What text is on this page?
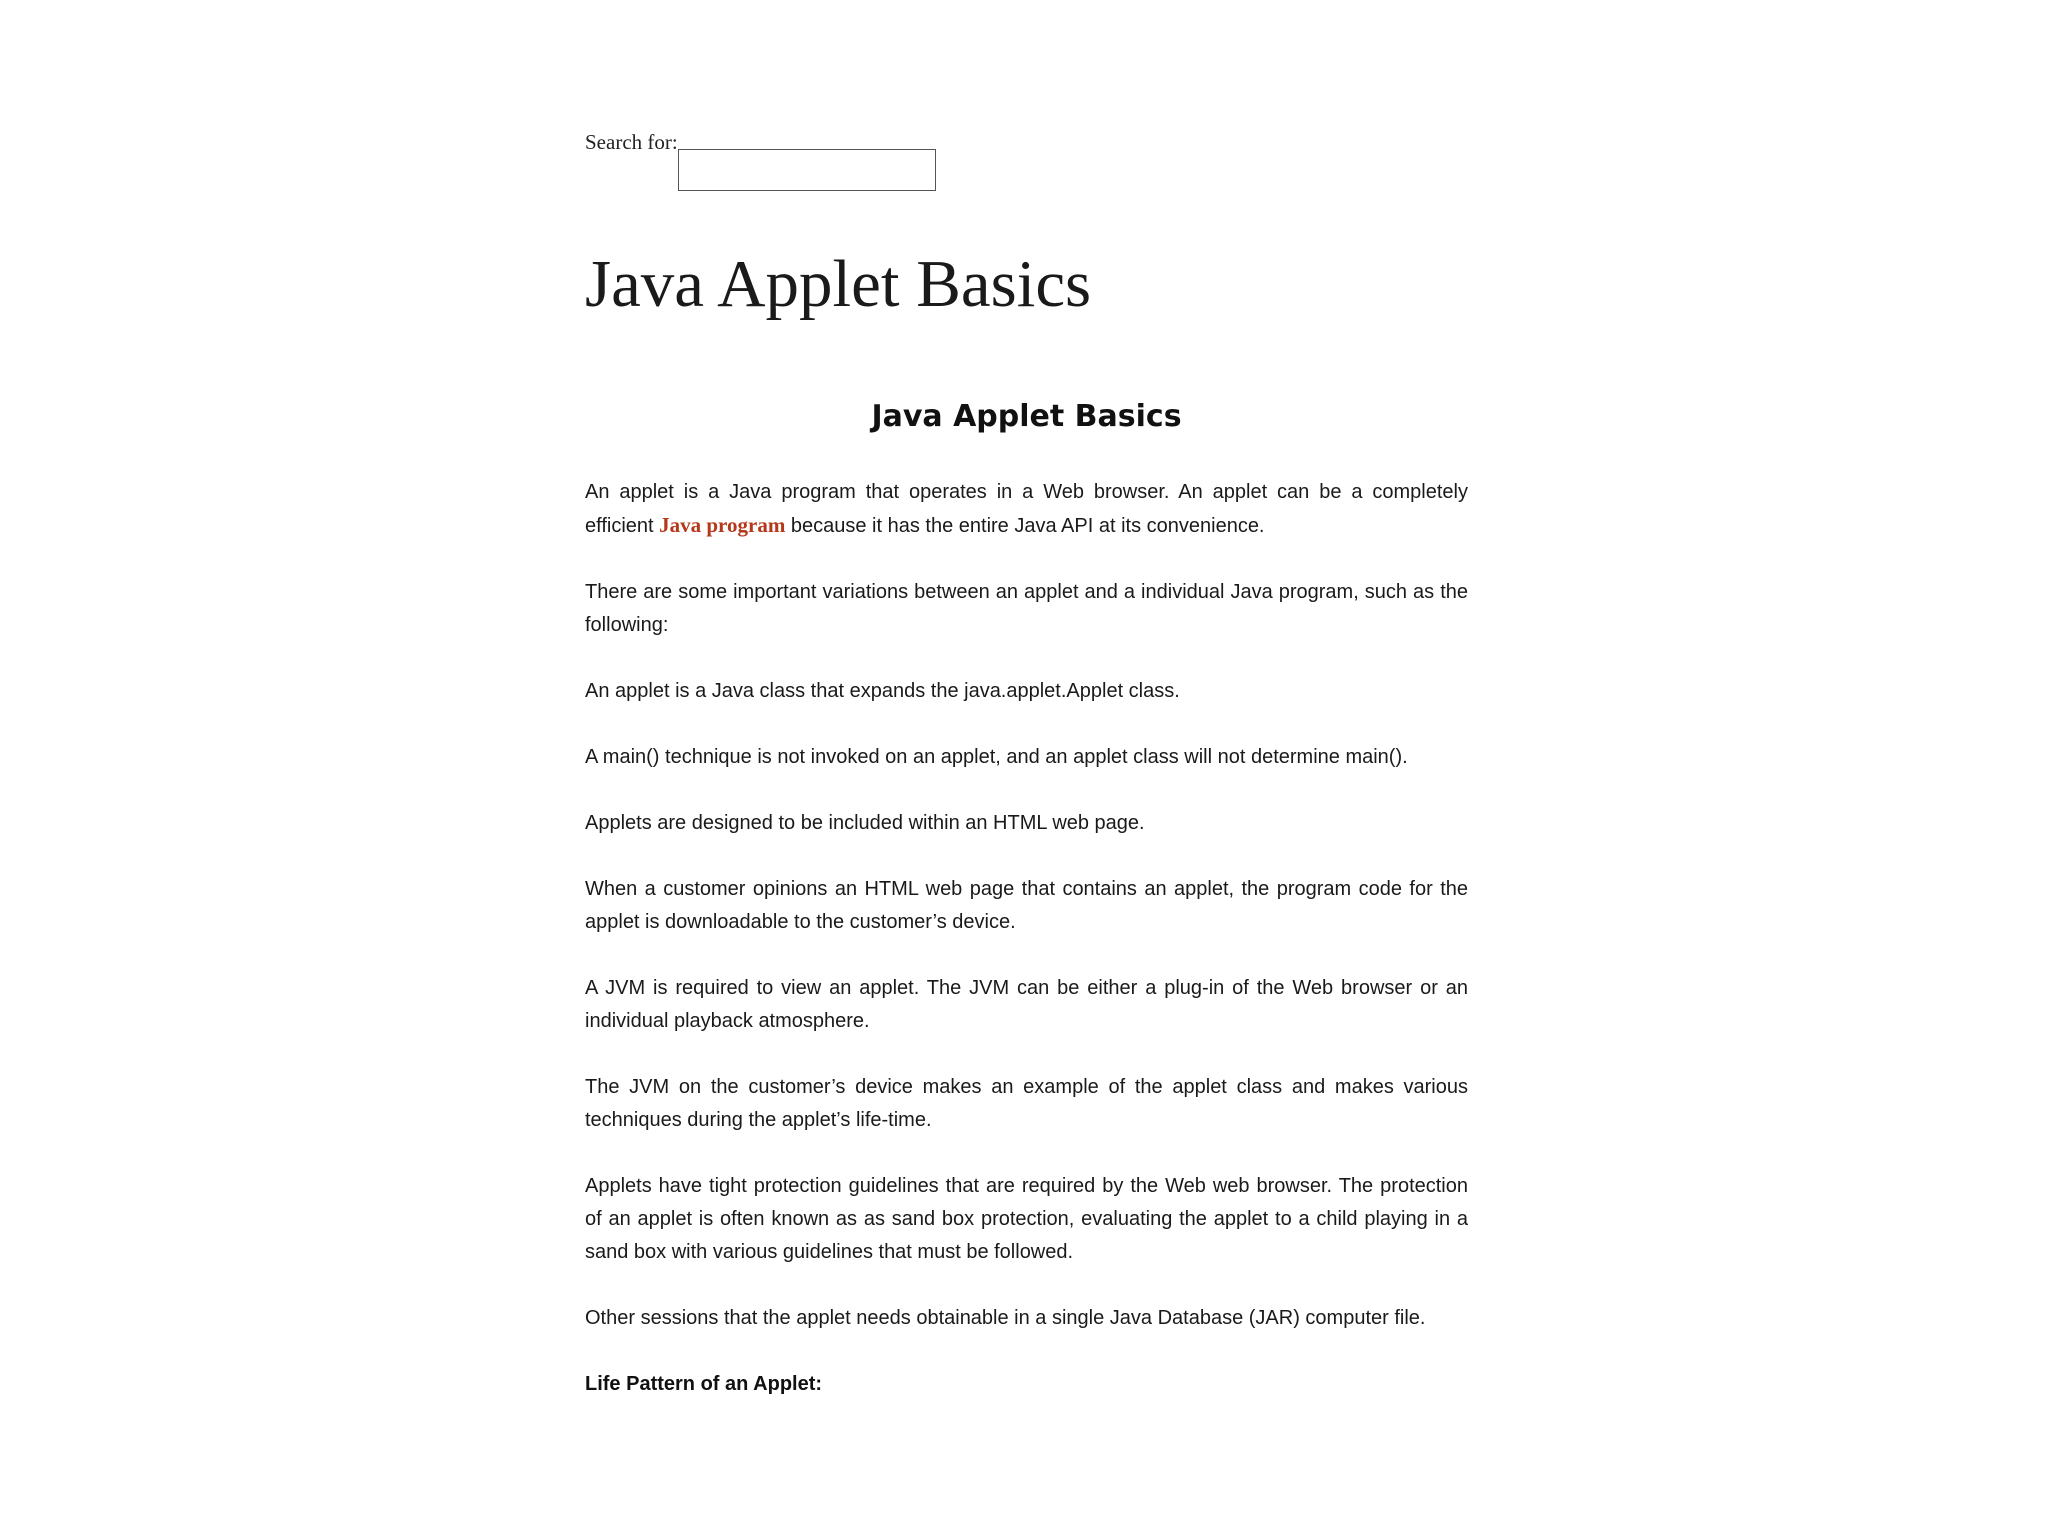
Search for:
Java Applet Basics
Java Applet Basics

An applet is a Java program that operates in a Web browser. An applet can be a completely efficient Java program because it has the entire Java API at its convenience.

There are some important variations between an applet and a individual Java program, such as the following:

An applet is a Java class that expands the java.applet.Applet class.

A main() technique is not invoked on an applet, and an applet class will not determine main().

Applets are designed to be included within an HTML web page.

When a customer opinions an HTML web page that contains an applet, the program code for the applet is downloadable to the customer’s device.

A JVM is required to view an applet. The JVM can be either a plug-in of the Web browser or an individual playback atmosphere.

The JVM on the customer’s device makes an example of the applet class and makes various techniques during the applet’s life-time.

Applets have tight protection guidelines that are required by the Web web browser. The protection of an applet is often known as as sand box protection, evaluating the applet to a child playing in a sand box with various guidelines that must be followed.

Other sessions that the applet needs obtainable in a single Java Database (JAR) computer file.

Life Pattern of an Applet:
